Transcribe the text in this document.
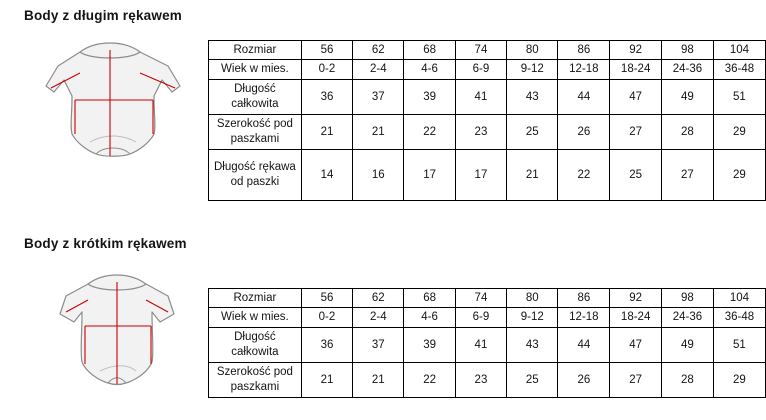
Body z długim rękawem
Rozmiar	56	62	68	74	80	86	92	98	104
Wiek w mies.	0-2	2-4	4-6	6-9	9-12	12-18	18-24	24-36	36-48
Długość całkowita	36	37	39	41	43	44	47	49	51
Szerokość pod paszkami	21	21	22	23	25	26	27	28	29
Długość rękawa od paszki	14	16	17	17	21	22	25	27	29
Body z krótkim rękawem
Rozmiar	56	62	68	74	80	86	92	98	104
Wiek w mies.	0-2	2-4	4-6	6-9	9-12	12-18	18-24	24-36	36-48
Długość całkowita	36	37	39	41	43	44	47	49	51
Szerokość pod paszkami	21	21	22	23	25	26	27	28	29
